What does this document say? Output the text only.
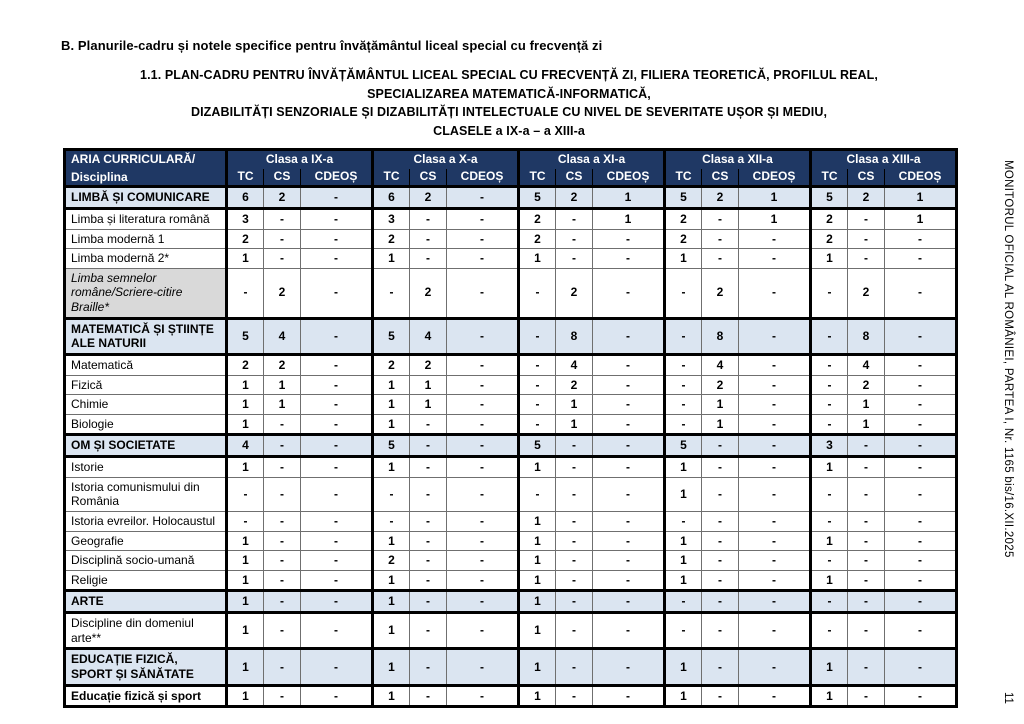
B. Planurile-cadru și notele specifice pentru învățământul liceal special cu frecvență zi
1.1. PLAN-CADRU PENTRU ÎNVĂȚĂMÂNTUL LICEAL SPECIAL CU FRECVENȚĂ ZI, FILIERA TEORETICĂ, PROFILUL REAL,
SPECIALIZAREA MATEMATICĂ-INFORMATICĂ,
DIZABILITĂȚI SENZORIALE ȘI DIZABILITĂȚI INTELECTUALE CU NIVEL DE SEVERITATE UȘOR ȘI MEDIU,
CLASELE a IX-a – a XIII-a
ARIA CURRICULARĂ/
Disciplina	Clasa a IX-a			Clasa a X-a			Clasa a XI-a			Clasa a XII-a			Clasa a XIII-a		
	TC	CS	CDEOȘ	TC	CS	CDEOȘ	TC	CS	CDEOȘ	TC	CS	CDEOȘ	TC	CS	CDEOȘ
LIMBĂ ȘI COMUNICARE	6	2	-	6	2	-	5	2	1	5	2	1	5	2	1
Limba și literatura română	3	-	-	3	-	-	2	-	1	2	-	1	2	-	1
Limba modernă 1	2	-	-	2	-	-	2	-	-	2	-	-	2	-	-
Limba modernă 2*	1	-	-	1	-	-	1	-	-	1	-	-	1	-	-
Limba semnelor române/Scriere-citire Braille*	-	2	-	-	2	-	-	2	-	-	2	-	-	2	-
MATEMATICĂ ȘI ȘTIINȚE ALE NATURII	5	4	-	5	4	-	-	8	-	-	8	-	-	8	-
Matematică	2	2	-	2	2	-	-	4	-	-	4	-	-	4	-
Fizică	1	1	-	1	1	-	-	2	-	-	2	-	-	2	-
Chimie	1	1	-	1	1	-	-	1	-	-	1	-	-	1	-
Biologie	1	-	-	1	-	-	-	1	-	-	1	-	-	1	-
OM ȘI SOCIETATE	4	-	-	5	-	-	5	-	-	5	-	-	3	-	-
Istorie	1	-	-	1	-	-	1	-	-	1	-	-	1	-	-
Istoria comunismului din România	-	-	-	-	-	-	-	-	-	1	-	-	-	-	-
Istoria evreilor. Holocaustul	-	-	-	-	-	-	1	-	-	-	-	-	-	-	-
Geografie	1	-	-	1	-	-	1	-	-	1	-	-	1	-	-
Disciplină socio-umană	1	-	-	2	-	-	1	-	-	1	-	-	-	-	-
Religie	1	-	-	1	-	-	1	-	-	1	-	-	1	-	-
ARTE	1	-	-	1	-	-	1	-	-	-	-	-	-	-	-
Discipline din domeniul arte**	1	-	-	1	-	-	1	-	-	-	-	-	-	-	-
EDUCAȚIE FIZICĂ, SPORT ȘI SĂNĂTATE	1	-	-	1	-	-	1	-	-	1	-	-	1	-	-
Educație fizică și sport	1	-	-	1	-	-	1	-	-	1	-	-	1	-	-
MONITORUL OFICIAL AL ROMÂNIEI, PARTEA I, Nr. 1165 bis/16.XII.2025
11
